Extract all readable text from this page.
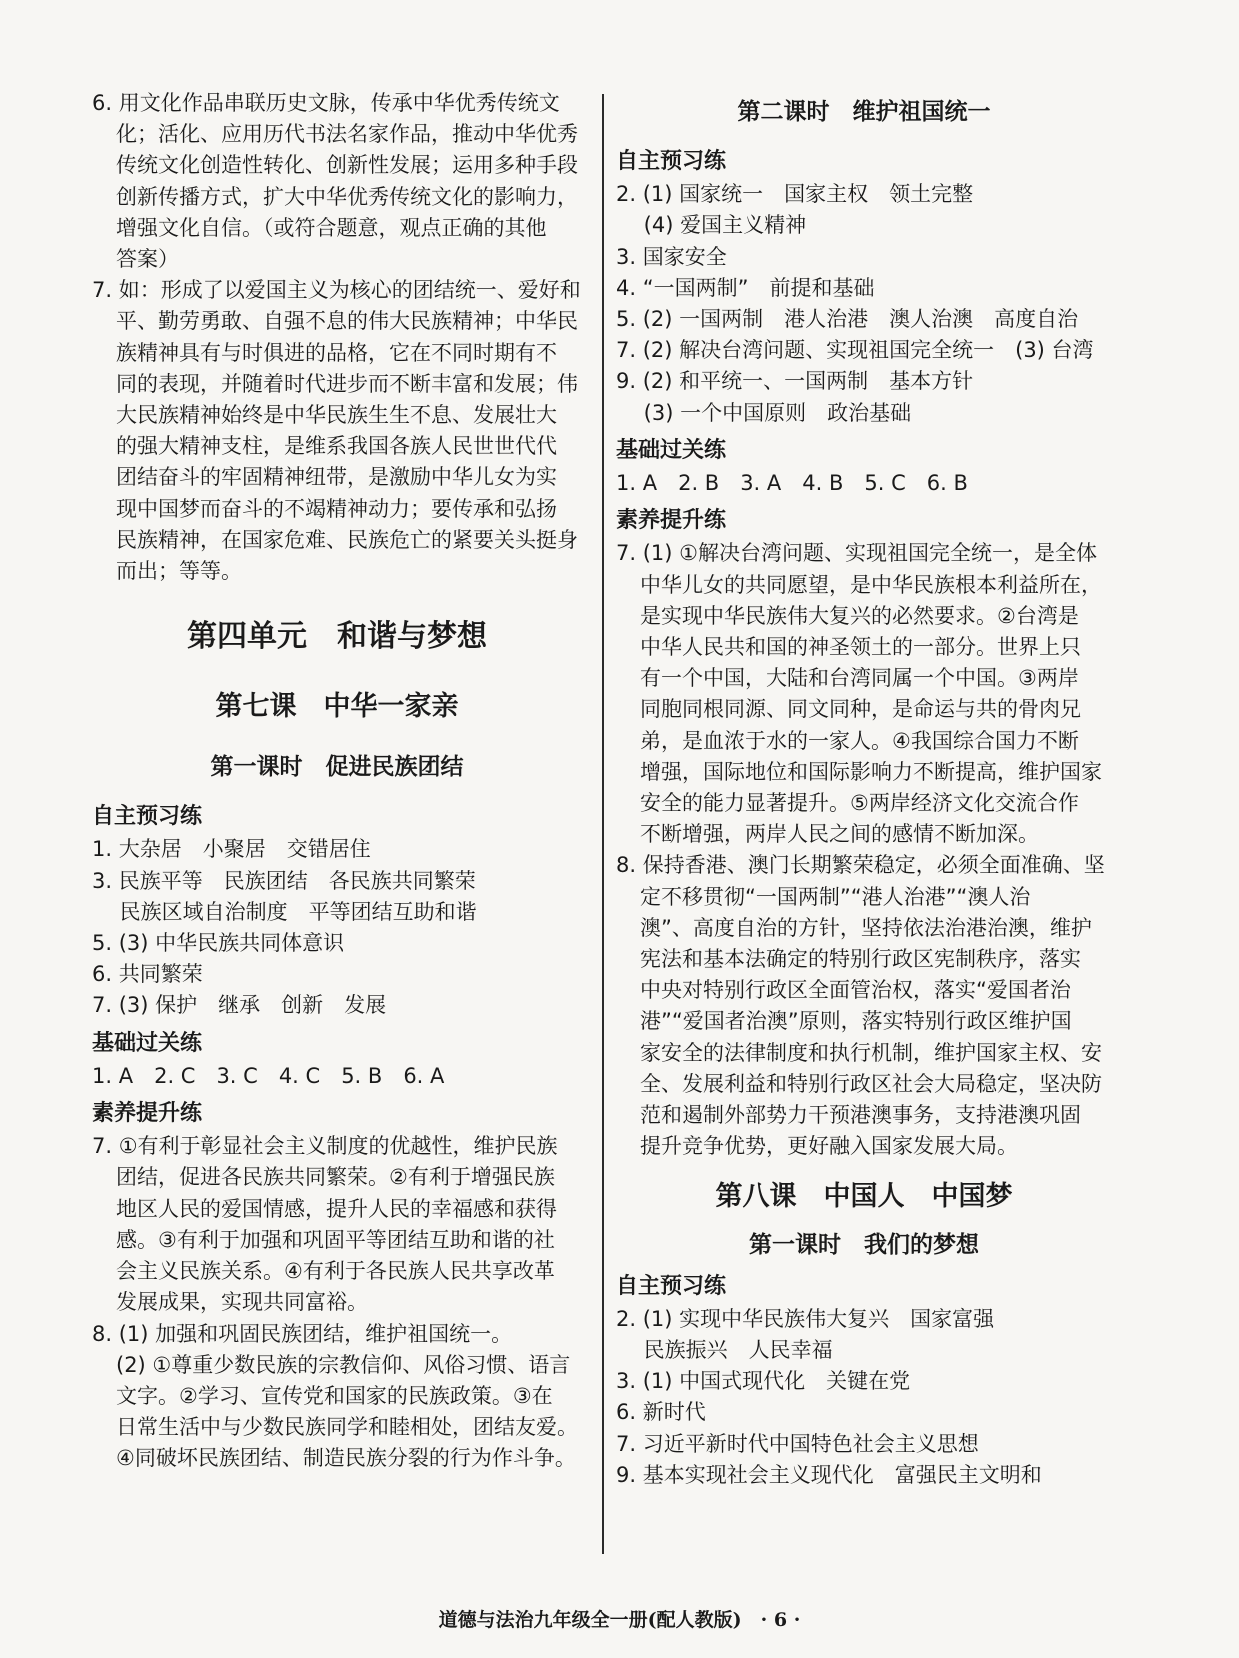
6. 用文化作品串联历史文脉，传承中华优秀传统文

化；活化、应用历代书法名家作品，推动中华优秀

传统文化创造性转化、创新性发展；运用多种手段

创新传播方式，扩大中华优秀传统文化的影响力，

增强文化自信。（或符合题意，观点正确的其他

答案）

7. 如：形成了以爱国主义为核心的团结统一、爱好和

平、勤劳勇敢、自强不息的伟大民族精神；中华民

族精神具有与时俱进的品格，它在不同时期有不

同的表现，并随着时代进步而不断丰富和发展；伟

大民族精神始终是中华民族生生不息、发展壮大

的强大精神支柱，是维系我国各族人民世世代代

团结奋斗的牢固精神纽带，是激励中华儿女为实

现中国梦而奋斗的不竭精神动力；要传承和弘扬

民族精神，在国家危难、民族危亡的紧要关头挺身

而出；等等。

第四单元　和谐与梦想
第七课　中华一家亲
第一课时　促进民族团结
自主预习练

1. 大杂居　小聚居　交错居住

3. 民族平等　民族团结　各民族共同繁荣

　 民族区域自治制度　平等团结互助和谐

5. (3) 中华民族共同体意识

6. 共同繁荣

7. (3) 保护　继承　创新　发展

基础过关练

1. A　2. C　3. C　4. C　5. B　6. A

素养提升练

7. ①有利于彰显社会主义制度的优越性，维护民族

团结，促进各民族共同繁荣。②有利于增强民族

地区人民的爱国情感，提升人民的幸福感和获得

感。③有利于加强和巩固平等团结互助和谐的社

会主义民族关系。④有利于各民族人民共享改革

发展成果，实现共同富裕。

8. (1) 加强和巩固民族团结，维护祖国统一。

(2) ①尊重少数民族的宗教信仰、风俗习惯、语言

文字。②学习、宣传党和国家的民族政策。③在

日常生活中与少数民族同学和睦相处，团结友爱。

④同破坏民族团结、制造民族分裂的行为作斗争。

第二课时　维护祖国统一
自主预习练

2. (1) 国家统一　国家主权　领土完整

　 (4) 爱国主义精神

3. 国家安全

4. “一国两制”　前提和基础

5. (2) 一国两制　港人治港　澳人治澳　高度自治

7. (2) 解决台湾问题、实现祖国完全统一　(3) 台湾

9. (2) 和平统一、一国两制　基本方针

　 (3) 一个中国原则　政治基础

基础过关练

1. A　2. B　3. A　4. B　5. C　6. B

素养提升练

7. (1) ①解决台湾问题、实现祖国完全统一，是全体

中华儿女的共同愿望，是中华民族根本利益所在，

是实现中华民族伟大复兴的必然要求。②台湾是

中华人民共和国的神圣领土的一部分。世界上只

有一个中国，大陆和台湾同属一个中国。③两岸

同胞同根同源、同文同种，是命运与共的骨肉兄

弟，是血浓于水的一家人。④我国综合国力不断

增强，国际地位和国际影响力不断提高，维护国家

安全的能力显著提升。⑤两岸经济文化交流合作

不断增强，两岸人民之间的感情不断加深。

8. 保持香港、澳门长期繁荣稳定，必须全面准确、坚

定不移贯彻“一国两制”“港人治港”“澳人治

澳”、高度自治的方针，坚持依法治港治澳，维护

宪法和基本法确定的特别行政区宪制秩序，落实

中央对特别行政区全面管治权，落实“爱国者治

港”“爱国者治澳”原则，落实特别行政区维护国

家安全的法律制度和执行机制，维护国家主权、安

全、发展利益和特别行政区社会大局稳定，坚决防

范和遏制外部势力干预港澳事务，支持港澳巩固

提升竞争优势，更好融入国家发展大局。

第八课　中国人　中国梦
第一课时　我们的梦想
自主预习练

2. (1) 实现中华民族伟大复兴　国家富强

　 民族振兴　人民幸福

3. (1) 中国式现代化　关键在党

6. 新时代

7. 习近平新时代中国特色社会主义思想

9. 基本实现社会主义现代化　富强民主文明和

道德与法治九年级全一册(配人教版)　· 6 ·
